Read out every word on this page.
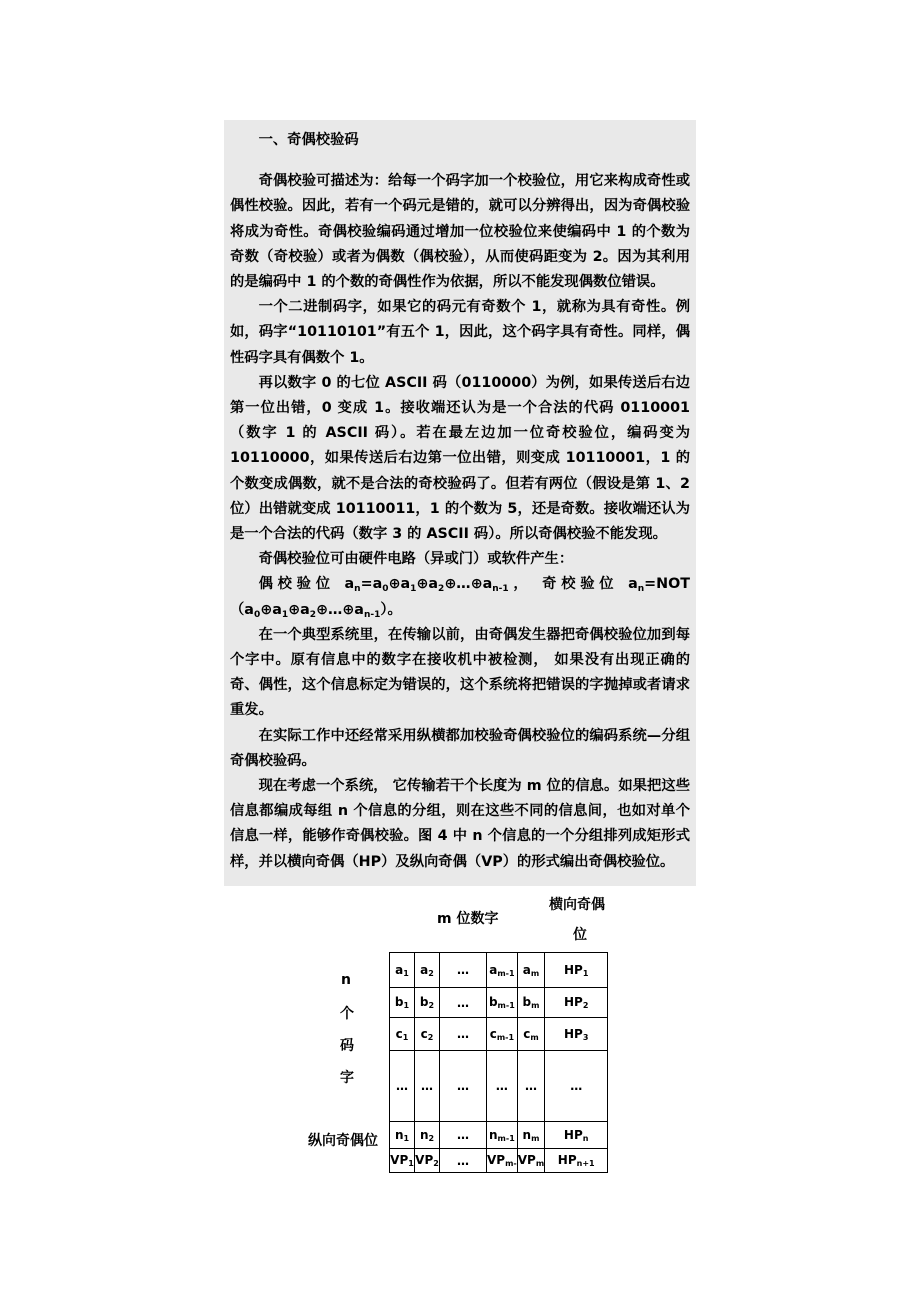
一、奇偶校验码

奇偶校验可描述为：给每一个码字加一个校验位，用它来构成奇性或偶性校验。因此，若有一个码元是错的，就可以分辨得出，因为奇偶校验将成为奇性。奇偶校验编码通过增加一位校验位来使编码中 1 的个数为奇数（奇校验）或者为偶数（偶校验），从而使码距变为 2。因为其利用的是编码中 1 的个数的奇偶性作为依据，所以不能发现偶数位错误。

一个二进制码字，如果它的码元有奇数个 1，就称为具有奇性。例如，码字“10110101”有五个 1，因此，这个码字具有奇性。同样，偶性码字具有偶数个 1。

再以数字 0 的七位 ASCII 码（0110000）为例，如果传送后右边第一位出错，0 变成 1。接收端还认为是一个合法的代码 0110001（数字 1 的 ASCII 码）。若在最左边加一位奇校验位，编码变为 10110000，如果传送后右边第一位出错，则变成 10110001，1 的个数变成偶数，就不是合法的奇校验码了。但若有两位（假设是第 1、2 位）出错就变成 10110011，1 的个数为 5，还是奇数。接收端还认为是一个合法的代码（数字 3 的 ASCII 码）。所以奇偶校验不能发现。

奇偶校验位可由硬件电路（异或门）或软件产生：

偶校验位 $a_n=a_0\oplus a_1\oplus a_2\oplus\dots\oplus a_{n-1}$， 奇校验位 $a_n=NOT(a_0\oplus a_1\oplus a_2\oplus\dots\oplus a_{n-1})$。

在一个典型系统里，在传输以前，由奇偶发生器把奇偶校验位加到每个字中。原有信息中的数字在接收机中被检测， 如果没有出现正确的奇、偶性，这个信息标定为错误的，这个系统将把错误的字抛掉或者请求重发。

在实际工作中还经常采用纵横都加校验奇偶校验位的编码系统—分组奇偶校验码。

现在考虑一个系统， 它传输若干个长度为 m 位的信息。如果把这些信息都编成每组 n 个信息的分组，则在这些不同的信息间，也如对单个信息一样，能够作奇偶校验。图 4 中 n 个信息的一个分组排列成矩形式样，并以横向奇偶（HP）及纵向奇偶（VP）的形式编出奇偶校验位。

m 位数字
横向奇偶
位
n
个
码
字
纵向奇偶位
$a_1$	$a_2$	…	$a_{m-1}$	$a_m$	$HP_1$
$b_1$	$b_2$	…	$b_{m-1}$	$b_m$	$HP_2$
$c_1$	$c_2$	…	$c_{m-1}$	$c_m$	$HP_3$
…	…	…	…	…	…
$n_1$	$n_2$	…	$n_{m-1}$	$n_m$	$HP_n$
$VP_1$	$VP_2$	…	$VP_{m-}$	$VP_m$	$HP_{n+1}$
